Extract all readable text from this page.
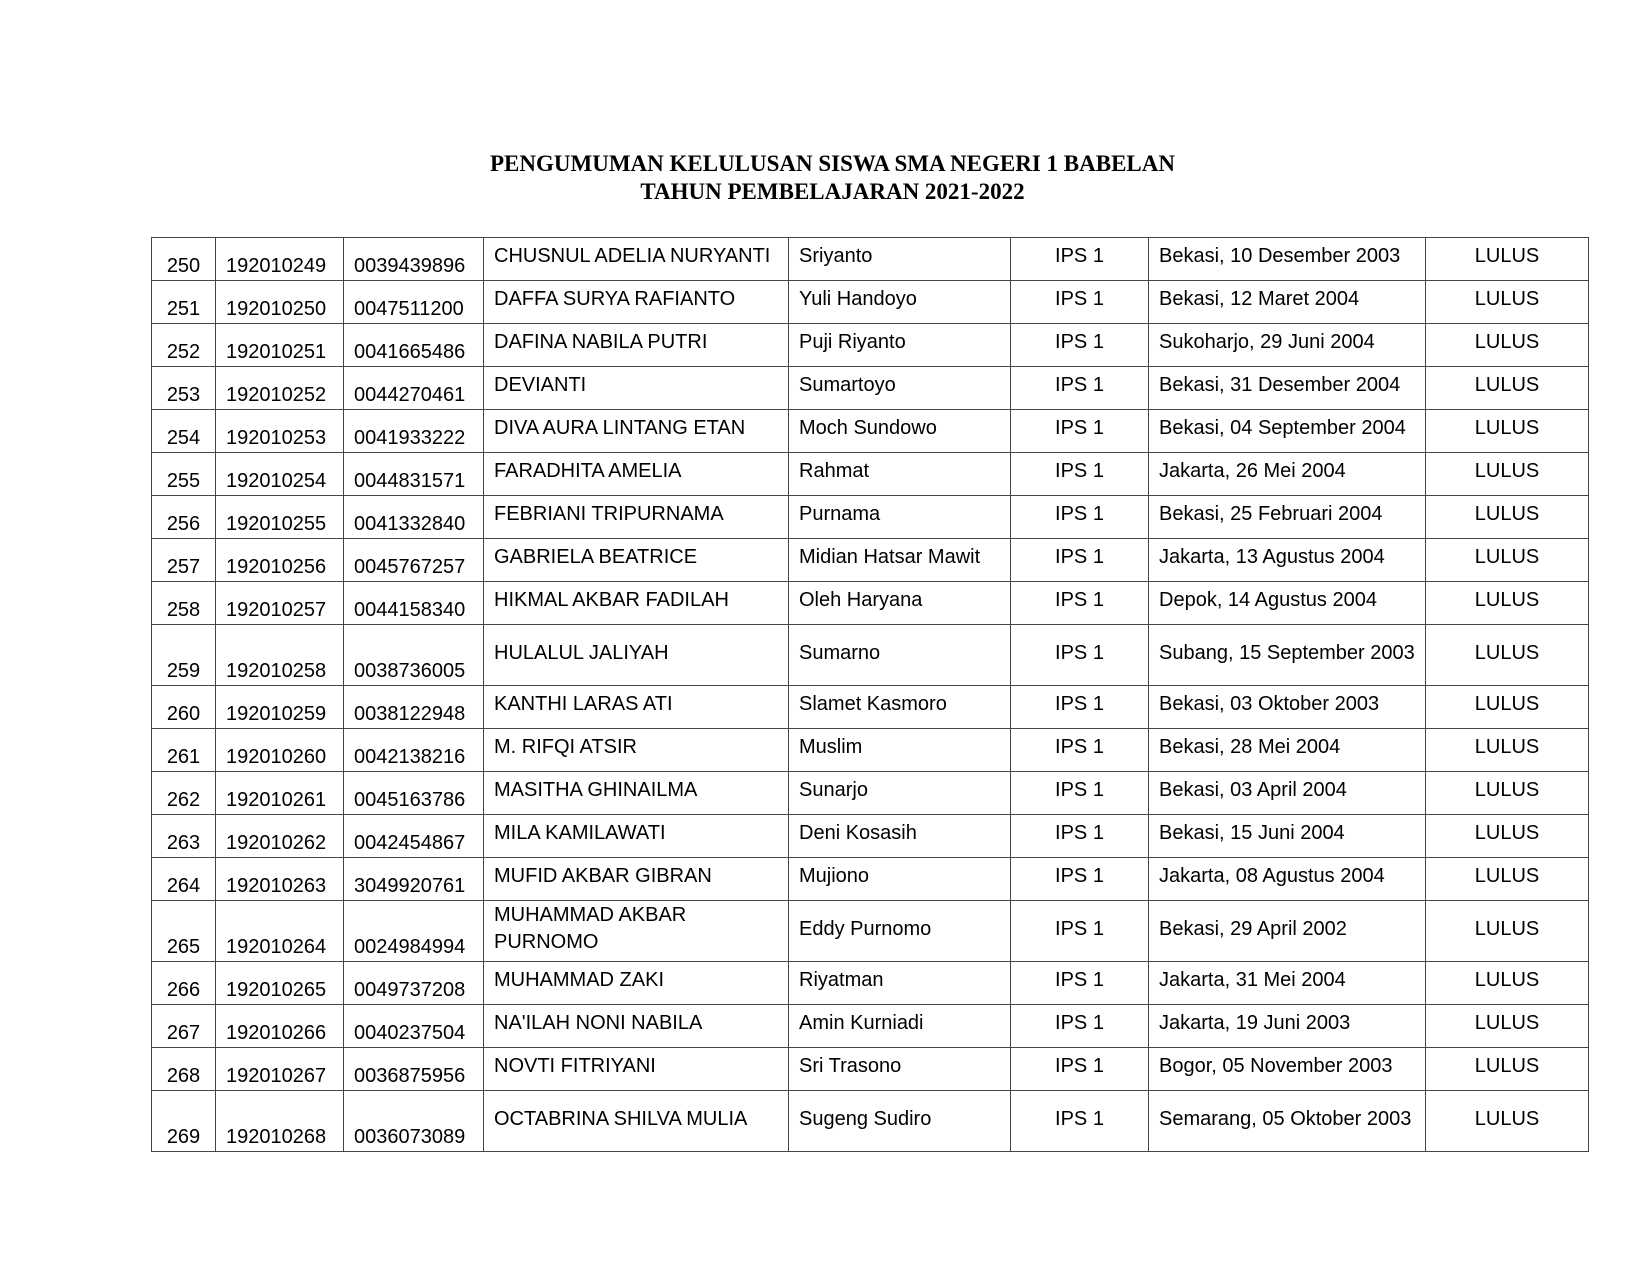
PENGUMUMAN KELULUSAN SISWA SMA NEGERI 1 BABELAN
TAHUN PEMBELAJARAN 2021-2022
250	192010249	0039439896	CHUSNUL ADELIA NURYANTI	Sriyanto	IPS 1	Bekasi, 10 Desember 2003	LULUS
251	192010250	0047511200	DAFFA SURYA RAFIANTO	Yuli Handoyo	IPS 1	Bekasi, 12 Maret 2004	LULUS
252	192010251	0041665486	DAFINA NABILA PUTRI	Puji Riyanto	IPS 1	Sukoharjo, 29 Juni 2004	LULUS
253	192010252	0044270461	DEVIANTI	Sumartoyo	IPS 1	Bekasi, 31 Desember 2004	LULUS
254	192010253	0041933222	DIVA AURA LINTANG ETAN	Moch Sundowo	IPS 1	Bekasi, 04 September 2004	LULUS
255	192010254	0044831571	FARADHITA AMELIA	Rahmat	IPS 1	Jakarta, 26 Mei 2004	LULUS
256	192010255	0041332840	FEBRIANI TRIPURNAMA	Purnama	IPS 1	Bekasi, 25 Februari 2004	LULUS
257	192010256	0045767257	GABRIELA BEATRICE	Midian Hatsar Mawit	IPS 1	Jakarta, 13 Agustus 2004	LULUS
258	192010257	0044158340	HIKMAL AKBAR FADILAH	Oleh Haryana	IPS 1	Depok, 14 Agustus 2004	LULUS
259	192010258	0038736005	HULALUL JALIYAH	Sumarno	IPS 1	Subang, 15 September 2003	LULUS
260	192010259	0038122948	KANTHI LARAS ATI	Slamet Kasmoro	IPS 1	Bekasi, 03 Oktober 2003	LULUS
261	192010260	0042138216	M. RIFQI ATSIR	Muslim	IPS 1	Bekasi, 28 Mei 2004	LULUS
262	192010261	0045163786	MASITHA GHINAILMA	Sunarjo	IPS 1	Bekasi, 03 April 2004	LULUS
263	192010262	0042454867	MILA KAMILAWATI	Deni Kosasih	IPS 1	Bekasi, 15 Juni 2004	LULUS
264	192010263	3049920761	MUFID AKBAR GIBRAN	Mujiono	IPS 1	Jakarta, 08 Agustus 2004	LULUS
265	192010264	0024984994	MUHAMMAD AKBAR PURNOMO	Eddy Purnomo	IPS 1	Bekasi, 29 April 2002	LULUS
266	192010265	0049737208	MUHAMMAD ZAKI	Riyatman	IPS 1	Jakarta, 31 Mei 2004	LULUS
267	192010266	0040237504	NA'ILAH NONI NABILA	Amin Kurniadi	IPS 1	Jakarta, 19 Juni 2003	LULUS
268	192010267	0036875956	NOVTI FITRIYANI	Sri Trasono	IPS 1	Bogor, 05 November 2003	LULUS
269	192010268	0036073089	OCTABRINA SHILVA MULIA	Sugeng Sudiro	IPS 1	Semarang, 05 Oktober 2003	LULUS
